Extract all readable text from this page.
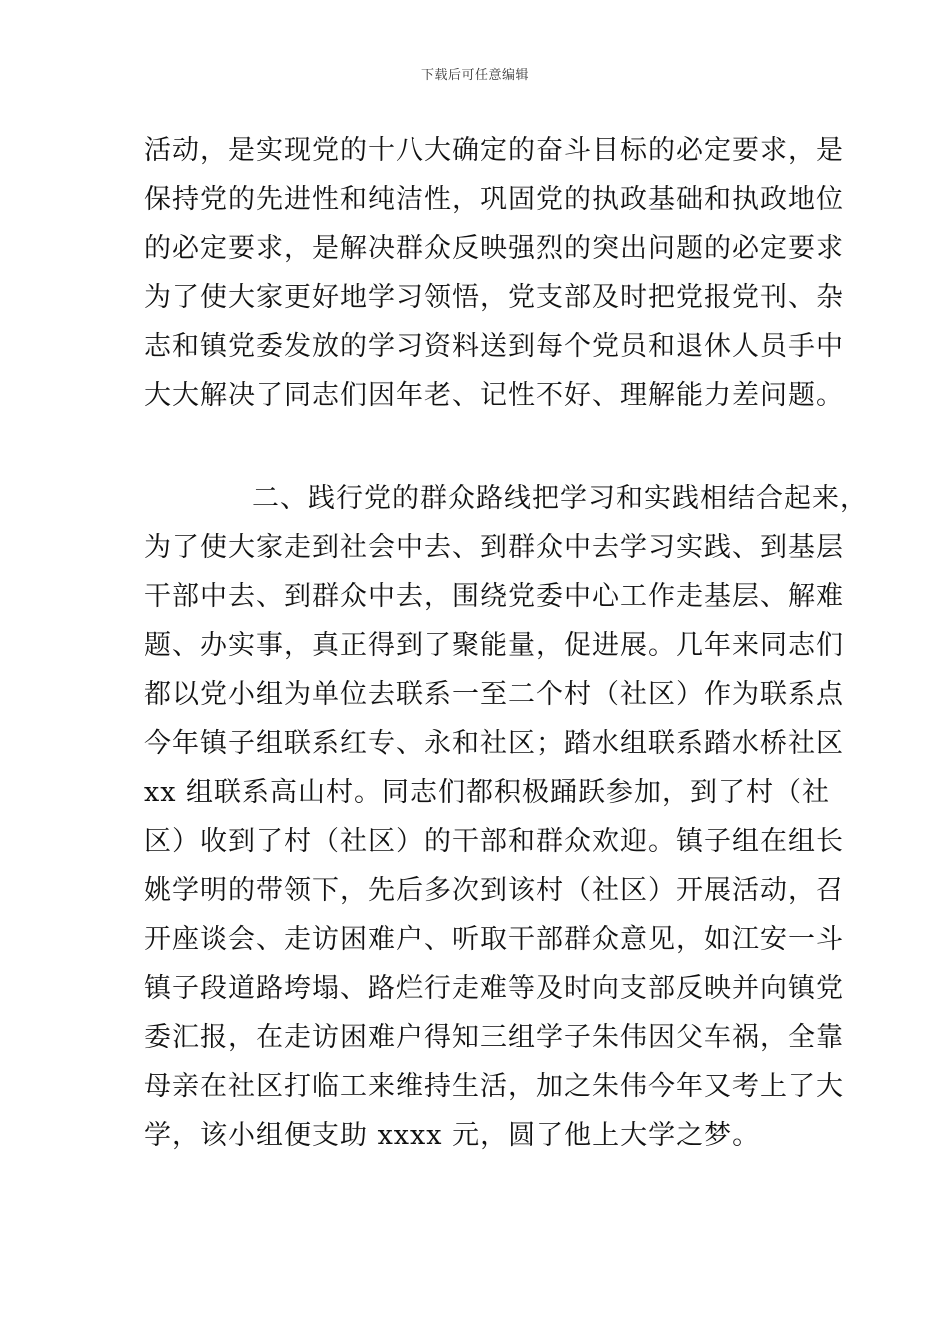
下载后可任意编辑
活动，是实现党的十八大确定的奋斗目标的必定要求，是
保持党的先进性和纯洁性，巩固党的执政基础和执政地位
的必定要求，是解决群众反映强烈的突出问题的必定要求
为了使大家更好地学习领悟，党支部及时把党报党刊、杂
志和镇党委发放的学习资料送到每个党员和退休人员手中
大大解决了同志们因年老、记性不好、理解能力差问题。
二、践行党的群众路线把学习和实践相结合起来，
为了使大家走到社会中去、到群众中去学习实践、到基层
干部中去、到群众中去，围绕党委中心工作走基层、解难
题、办实事，真正得到了聚能量，促进展。几年来同志们
都以党小组为单位去联系一至二个村（社区）作为联系点
今年镇子组联系红专、永和社区；踏水组联系踏水桥社区
xx 组联系高山村。同志们都积极踊跃参加，到了村（社
区）收到了村（社区）的干部和群众欢迎。镇子组在组长
姚学明的带领下，先后多次到该村（社区）开展活动，召
开座谈会、走访困难户、听取干部群众意见，如江安一斗
镇子段道路垮塌、路烂行走难等及时向支部反映并向镇党
委汇报，在走访困难户得知三组学子朱伟因父车祸，全靠
母亲在社区打临工来维持生活，加之朱伟今年又考上了大
学，该小组便支助 xxxx 元，圆了他上大学之梦。
